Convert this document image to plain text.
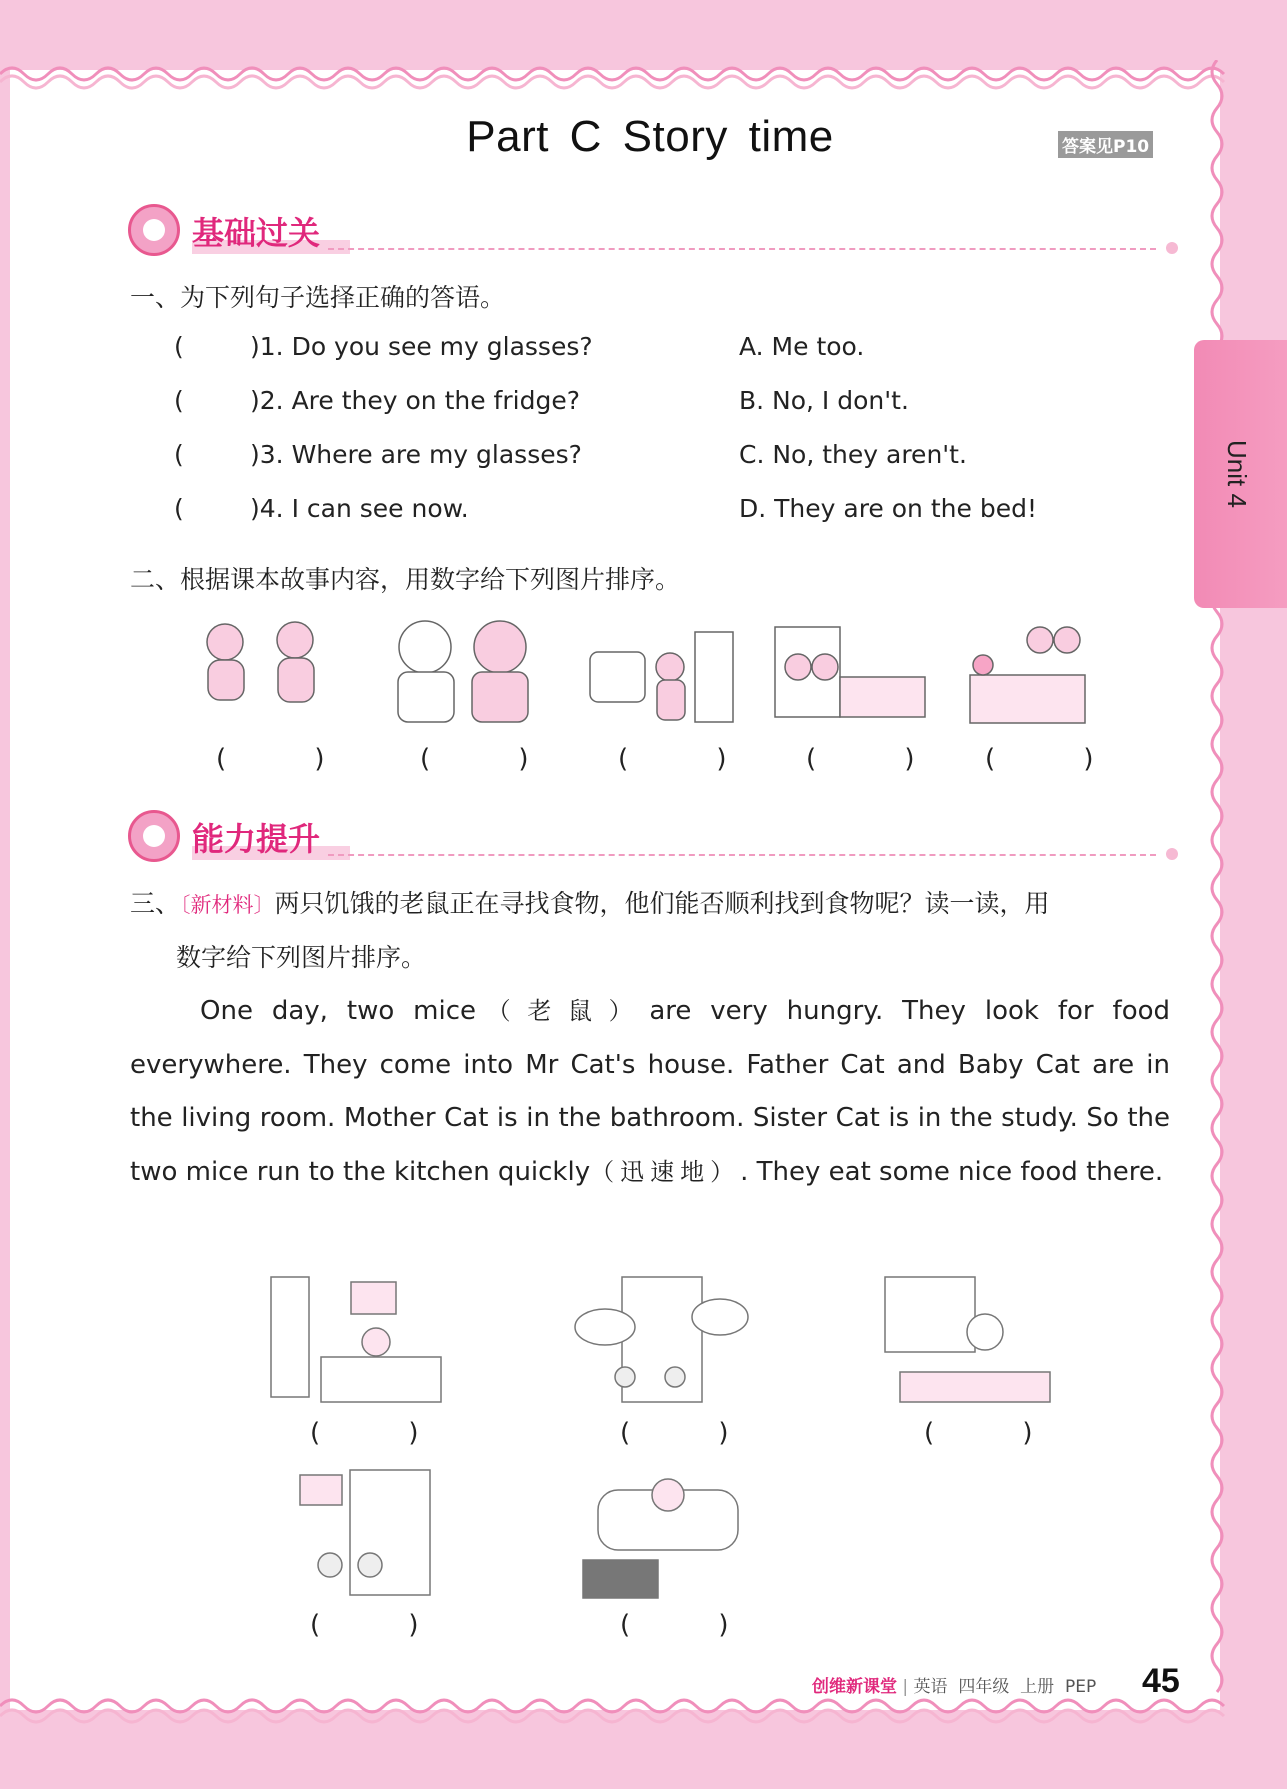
Part C Story time	答案见P10
Unit 4
基础过关
一、为下列句子选择正确的答语。
(
) 1. Do you see my glasses?	A. Me too.
(
) 2. Are they on the fridge?	B. No, I don't.
(
) 3. Where are my glasses?	C. No, they aren't.
(
) 4. I can see now.	D. They are on the bed!
二、根据课本故事内容，用数字给下列图片排序。
( ) ( ) ( ) ( ) ( )
能力提升
三、〔新材料〕两只饥饿的老鼠正在寻找食物，他们能否顺利找到食物呢？读一读，用
数字给下列图片排序。
One day, two mice（老鼠）are very hungry. They look for food everywhere. They come into Mr Cat's house. Father Cat and Baby Cat are in the living room. Mother Cat is in the bathroom. Sister Cat is in the study. So the two mice run to the kitchen quickly（迅速地）. They eat some nice food there.
( )	( )	( )
( )	( )
创维新课堂 | 英语 四年级 上册 PEP 45
